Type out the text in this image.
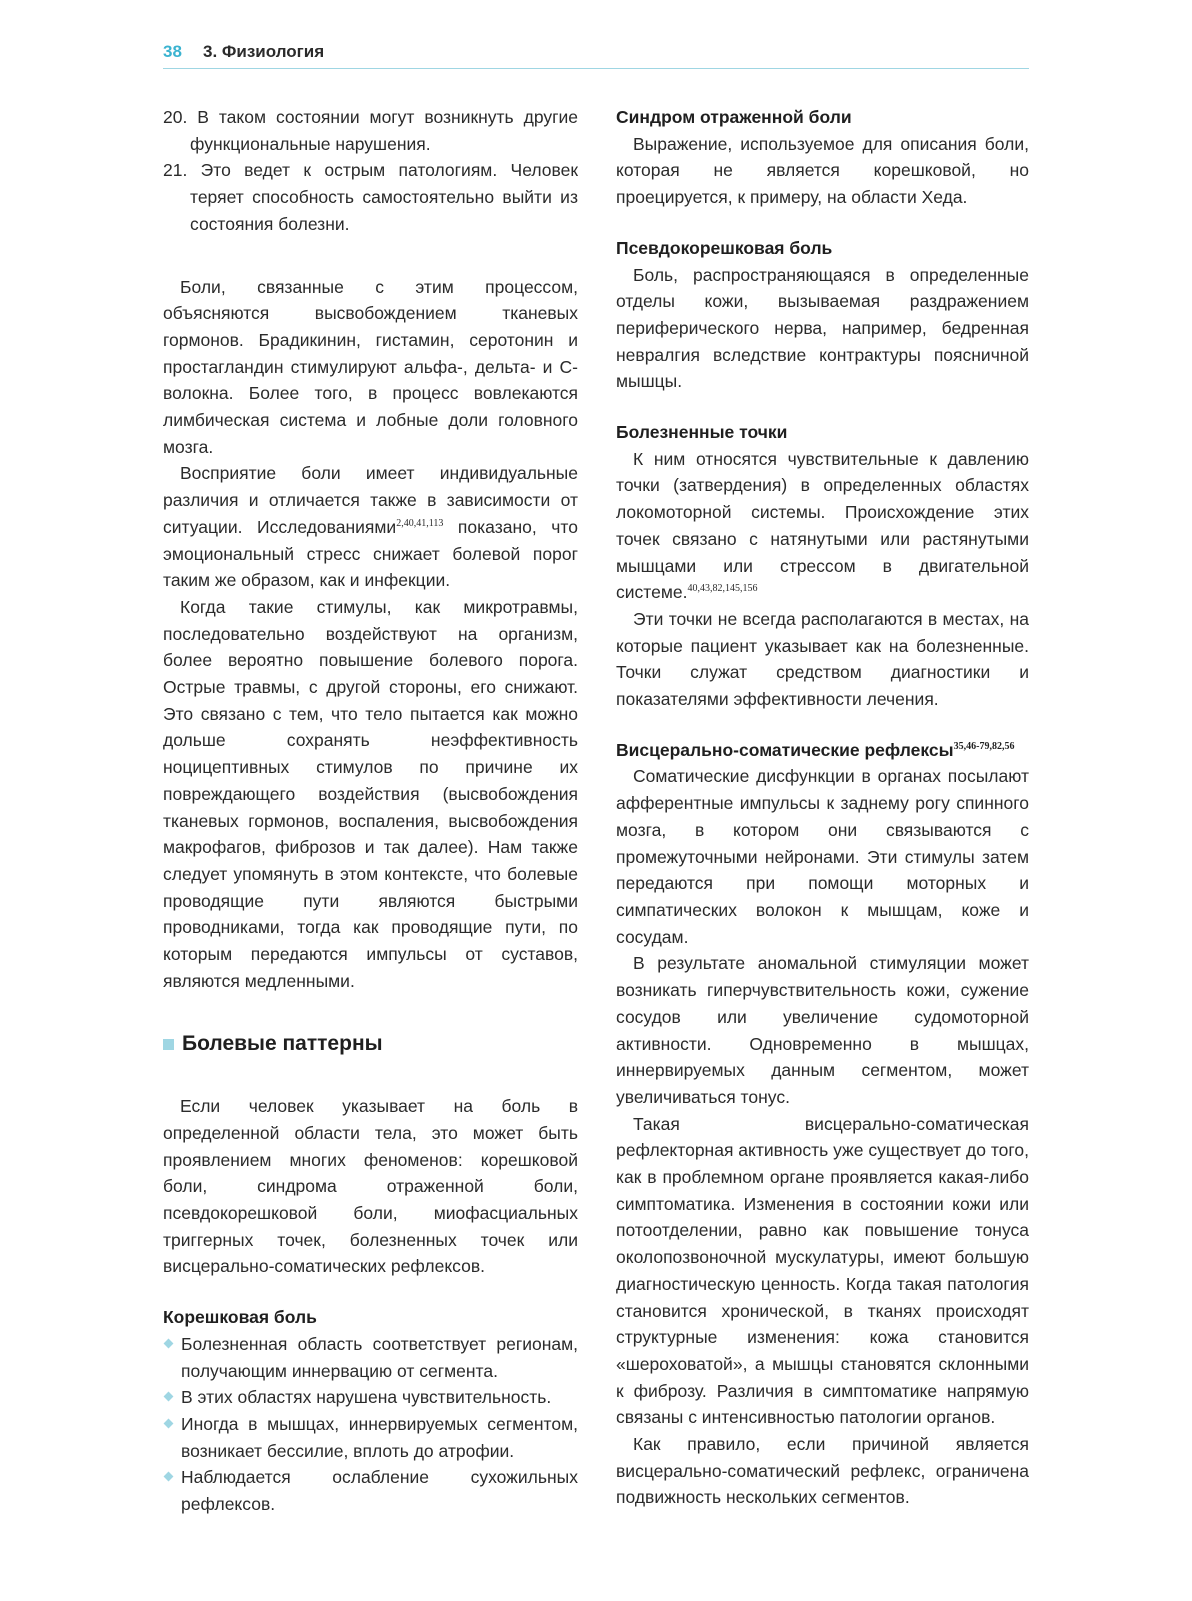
38 3. Физиология

20. В таком состоянии могут возникнуть другие функциональные нарушения.

21. Это ведет к острым патологиям. Человек теряет способность самостоятельно выйти из состояния болезни.

Боли, связанные с этим процессом, объясняются высвобождением тканевых гормонов. Брадикинин, гистамин, серотонин и простагландин стимулируют альфа-, дельта- и С-волокна. Более того, в процесс вовлекаются лимбическая система и лобные доли головного мозга.

Восприятие боли имеет индивидуальные различия и отличается также в зависимости от ситуации. Исследованиями$^{2,40,41,113}$ показано, что эмоциональный стресс снижает болевой порог таким же образом, как и инфекции.

Когда такие стимулы, как микротравмы, последовательно воздействуют на организм, более вероятно повышение болевого порога. Острые травмы, с другой стороны, его снижают. Это связано с тем, что тело пытается как можно дольше сохранять неэффективность ноцицептивных стимулов по причине их повреждающего воздействия (высвобождения тканевых гормонов, воспаления, высвобождения макрофагов, фиброзов и так далее). Нам также следует упомянуть в этом контексте, что болевые проводящие пути являются быстрыми проводниками, тогда как проводящие пути, по которым передаются импульсы от суставов, являются медленными.

Болевые паттерны

Если человек указывает на боль в определенной области тела, это может быть проявлением многих феноменов: корешковой боли, синдрома отраженной боли, псевдокорешковой боли, миофасциальных триггерных точек, болезненных точек или висцерально-соматических рефлексов.

Корешковая боль
Болезненная область соответствует регионам, получающим иннервацию от сегмента.
В этих областях нарушена чувствительность.
Иногда в мышцах, иннервируемых сегментом, возникает бессилие, вплоть до атрофии.
Наблюдается ослабление сухожильных рефлексов.
Синдром отраженной боли

Выражение, используемое для описания боли, которая не является корешковой, но проецируется, к примеру, на области Хеда.

Псевдокорешковая боль

Боль, распространяющаяся в определенные отделы кожи, вызываемая раздражением периферического нерва, например, бедренная невралгия вследствие контрактуры поясничной мышцы.

Болезненные точки

К ним относятся чувствительные к давлению точки (затвердения) в определенных областях локомоторной системы. Происхождение этих точек связано с натянутыми или растянутыми мышцами или стрессом в двигательной системе.$^{40,43,82,145,156}$

Эти точки не всегда располагаются в местах, на которые пациент указывает как на болезненные. Точки служат средством диагностики и показателями эффективности лечения.

Висцерально-соматические рефлексы$^{35,46-79,82,56}$

Соматические дисфункции в органах посылают афферентные импульсы к заднему рогу спинного мозга, в котором они связываются с промежуточными нейронами. Эти стимулы затем передаются при помощи моторных и симпатических волокон к мышцам, коже и сосудам.

В результате аномальной стимуляции может возникать гиперчувствительность кожи, сужение сосудов или увеличение судомоторной активности. Одновременно в мышцах, иннервируемых данным сегментом, может увеличиваться тонус.

Такая висцерально-соматическая рефлекторная активность уже существует до того, как в проблемном органе проявляется какая-либо симптоматика. Изменения в состоянии кожи или потоотделении, равно как повышение тонуса околопозвоночной мускулатуры, имеют большую диагностическую ценность. Когда такая патология становится хронической, в тканях происходят структурные изменения: кожа становится «шероховатой», а мышцы становятся склонными к фиброзу. Различия в симптоматике напрямую связаны с интенсивностью патологии органов.

Как правило, если причиной является висцерально-соматический рефлекс, ограничена подвижность нескольких сегментов.
